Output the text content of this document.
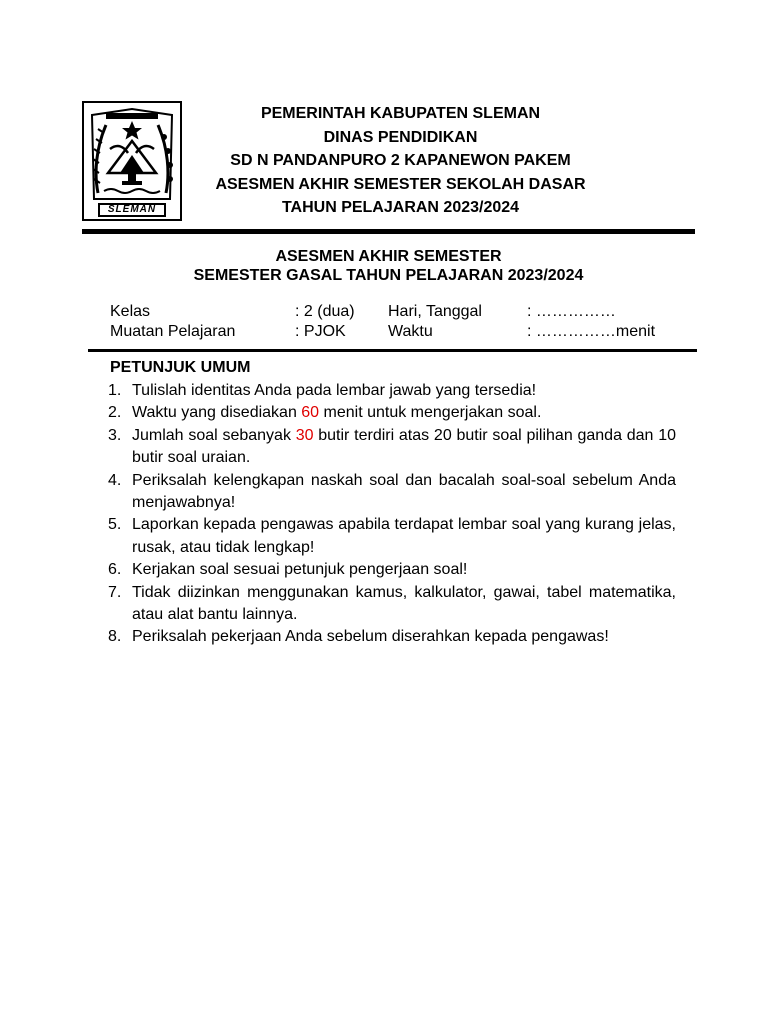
SLEMAN
PEMERINTAH KABUPATEN SLEMAN
DINAS PENDIDIKAN
SD N PANDANPURO 2 KAPANEWON PAKEM
ASESMEN AKHIR SEMESTER SEKOLAH DASAR
TAHUN PELAJARAN 2023/2024
ASESMEN AKHIR SEMESTER
SEMESTER GASAL TAHUN PELAJARAN 2023/2024
Kelas	: 2 (dua) Hari, Tanggal	: ……………
Muatan Pelajaran	: PJOK	Waktu	: ……………menit
PETUNJUK UMUM
1. Tulislah identitas Anda pada lembar jawab yang tersedia!
2. Waktu yang disediakan 60 menit untuk mengerjakan soal.
3. Jumlah soal sebanyak 30 butir terdiri atas 20 butir soal pilihan ganda dan 10 butir soal uraian.
4. Periksalah kelengkapan naskah soal dan bacalah soal-soal sebelum Anda menjawabnya!
5. Laporkan kepada pengawas apabila terdapat lembar soal yang kurang jelas, rusak, atau tidak lengkap!
6. Kerjakan soal sesuai petunjuk pengerjaan soal!
7. Tidak diizinkan menggunakan kamus, kalkulator, gawai, tabel matematika, atau alat bantu lainnya.
8. Periksalah pekerjaan Anda sebelum diserahkan kepada pengawas!
